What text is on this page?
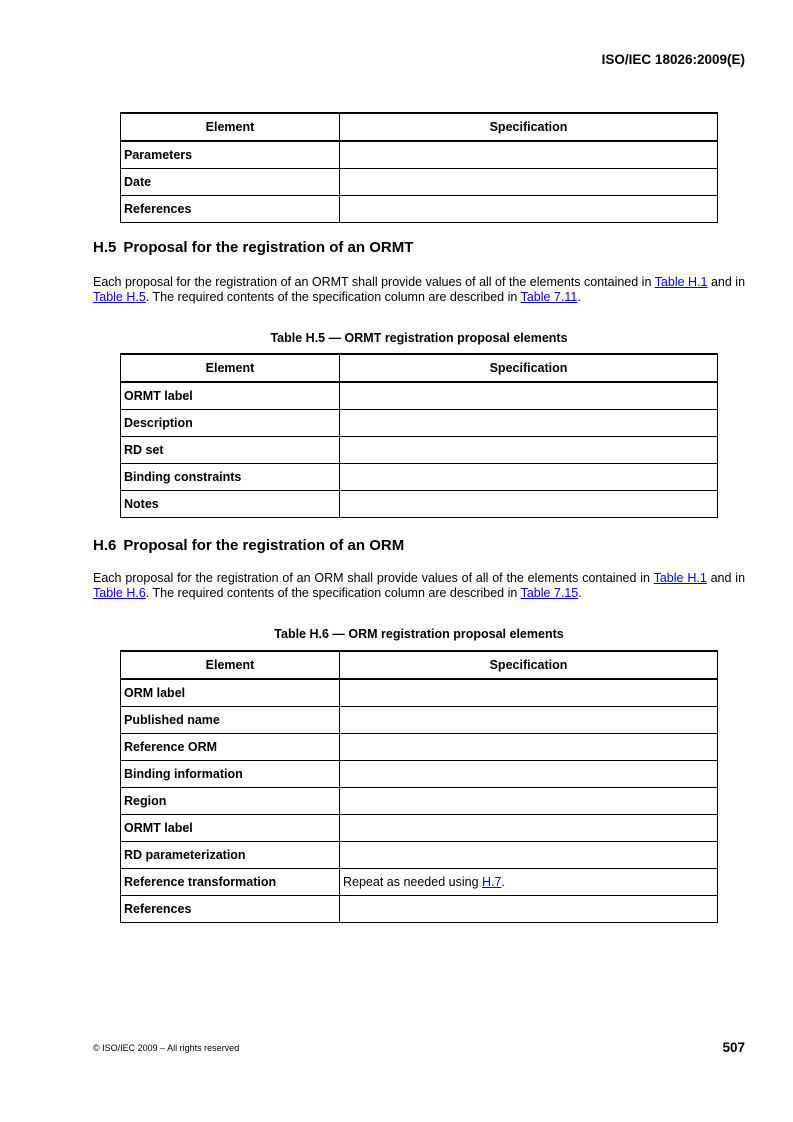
ISO/IEC 18026:2009(E)
Element	Specification
Parameters	
Date	
References	
H.5 Proposal for the registration of an ORMT
Each proposal for the registration of an ORMT shall provide values of all of the elements contained in Table H.1 and in Table H.5. The required contents of the specification column are described in Table 7.11.
Table H.5 — ORMT registration proposal elements
Element	Specification
ORMT label	
Description	
RD set	
Binding constraints	
Notes	
H.6 Proposal for the registration of an ORM
Each proposal for the registration of an ORM shall provide values of all of the elements contained in Table H.1 and in Table H.6. The required contents of the specification column are described in Table 7.15.
Table H.6 — ORM registration proposal elements
Element	Specification
ORM label	
Published name	
Reference ORM	
Binding information	
Region	
ORMT label	
RD parameterization	
Reference transformation	Repeat as needed using H.7.
References	
© ISO/IEC 2009 – All rights reserved	507
